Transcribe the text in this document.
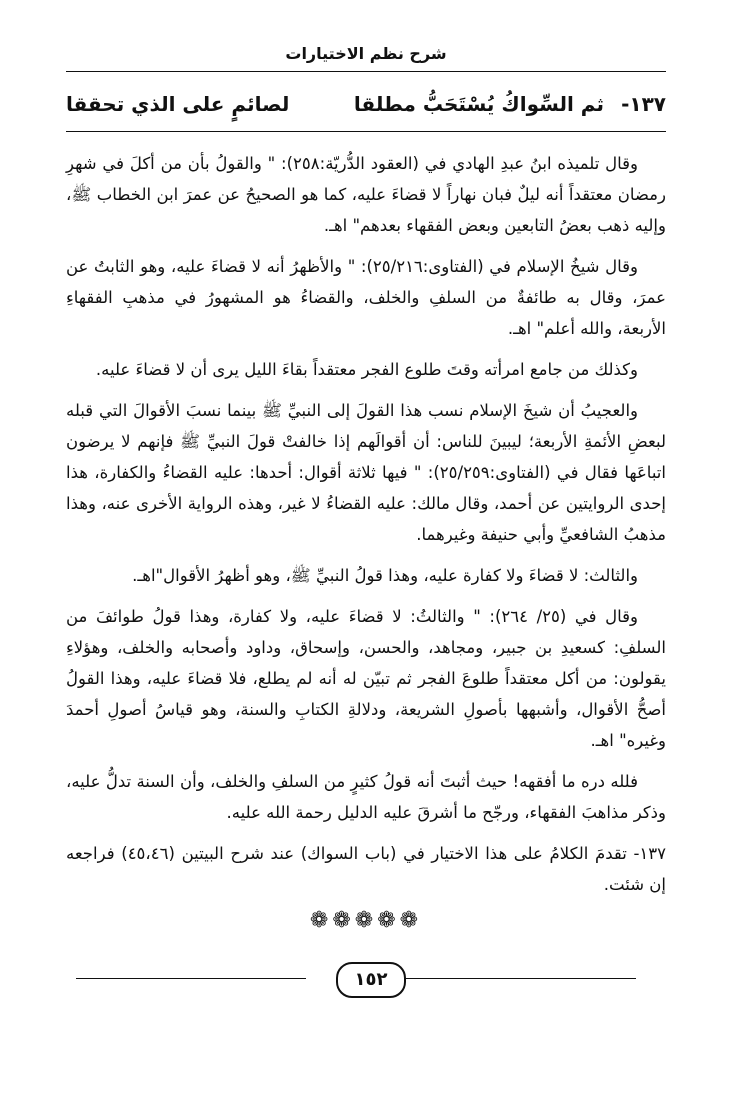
شرح نظم الاختيارات
١٣٧-
ثم السِّواكُ يُسْتَحَبُّ مطلقا
لصائمٍ على الذي تحققا

وقال تلميذه ابنُ عبدِ الهادي في (العقود الدُّريّة:٢٥٨): " والقولُ بأن من أكلَ في شهرِ رمضان معتقداً أنه ليلٌ فبان نهاراً لا قضاءَ عليه، كما هو الصحيحُ عن عمرَ ابن الخطاب ﷺ، وإليه ذهب بعضُ التابعين وبعض الفقهاء بعدهم" اهـ.

وقال شيخُ الإسلام في (الفتاوى:٢٥/٢١٦): " والأظهرُ أنه لا قضاءَ عليه، وهو الثابتُ عن عمرَ، وقال به طائفةٌ من السلفِ والخلف، والقضاءُ هو المشهورُ في مذهبِ الفقهاءِ الأربعة، والله أعلم" اهـ.

وكذلك من جامع امرأته وقتَ طلوع الفجر معتقداً بقاءَ الليل يرى أن لا قضاءَ عليه.

والعجيبُ أن شيخَ الإسلام نسب هذا القولَ إلى النبيِّ ﷺ بينما نسبَ الأقوالَ التي قبله لبعضِ الأئمةِ الأربعة؛ ليبينَ للناس: أن أقوالَهم إذا خالفتْ قولَ النبيِّ ﷺ فإنهم لا يرضون اتباعَها فقال في (الفتاوى:٢٥/٢٥٩): " فيها ثلاثة أقوال: أحدها: عليه القضاءُ والكفارة، هذا إحدى الروايتين عن أحمد، وقال مالك: عليه القضاءُ لا غير، وهذه الرواية الأخرى عنه، وهذا مذهبُ الشافعيِّ وأبي حنيفة وغيرهما.

والثالث: لا قضاءَ ولا كفارة عليه، وهذا قولُ النبيِّ ﷺ، وهو أظهرُ الأقوال"اهـ.

وقال في (٢٥/ ٢٦٤): " والثالثُ: لا قضاءَ عليه، ولا كفارة، وهذا قولُ طوائفَ من السلفِ: كسعيدِ بن جبير، ومجاهد، والحسن، وإسحاق، وداود وأصحابه والخلف، وهؤلاءِ يقولون: من أكل معتقداً طلوعَ الفجر ثم تبيّن له أنه لم يطلع، فلا قضاءَ عليه، وهذا القولُ أصحُّ الأقوال، وأشبهها بأصولِ الشريعة، ودلالةِ الكتابِ والسنة، وهو قياسُ أصولِ أحمدَ وغيره" اهـ.

فلله دره ما أفقهه! حيث أثبتَ أنه قولُ كثيرٍ من السلفِ والخلف، وأن السنة تدلُّ عليه، وذكر مذاهبَ الفقهاء، ورجّح ما أشرقَ عليه الدليل رحمة الله عليه.

١٣٧- تقدمَ الكلامُ على هذا الاختيار في (باب السواك) عند شرح البيتين (٤٥،٤٦) فراجعه إن شئت.

❁❁❁❁❁
١٥٢
